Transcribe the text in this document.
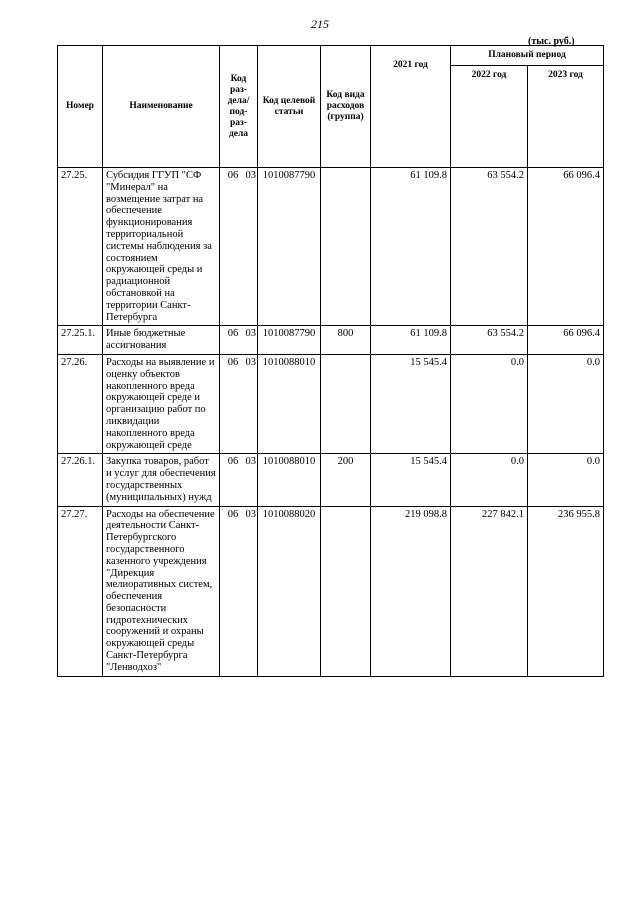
215
(тыс. руб.)
Номер	Наименование	Код раз-дела/ под-раз-дела	Код целевой статьи	Код вида расходов (группа)	2021 год	Плановый период	
						2022 год	2023 год
27.25.	Субсидия ГГУП "СФ "Минерал" на возмещение затрат на обеспечение функционирования территориальной системы наблюдения за состоянием окружающей среды и радиационной обстановкой на территории Санкт-Петербурга	06 03	1010087790		61 109.8	63 554.2	66 096.4
27.25.1.	Иные бюджетные ассигнования	06 03	1010087790	800	61 109.8	63 554.2	66 096.4
27.26.	Расходы на выявление и оценку объектов накопленного вреда окружающей среде и организацию работ по ликвидации накопленного вреда окружающей среде	06 03	1010088010		15 545.4	0.0	0.0
27.26.1.	Закупка товаров, работ и услуг для обеспечения государственных (муниципальных) нужд	06 03	1010088010	200	15 545.4	0.0	0.0
27.27.	Расходы на обеспечение деятельности Санкт-Петербургского государственного казенного учреждения "Дирекция мелиоративных систем, обеспечения безопасности гидротехнических сооружений и охраны окружающей среды Санкт-Петербурга "Ленводхоз"	06 03	1010088020		219 098.8	227 842.1	236 955.8
